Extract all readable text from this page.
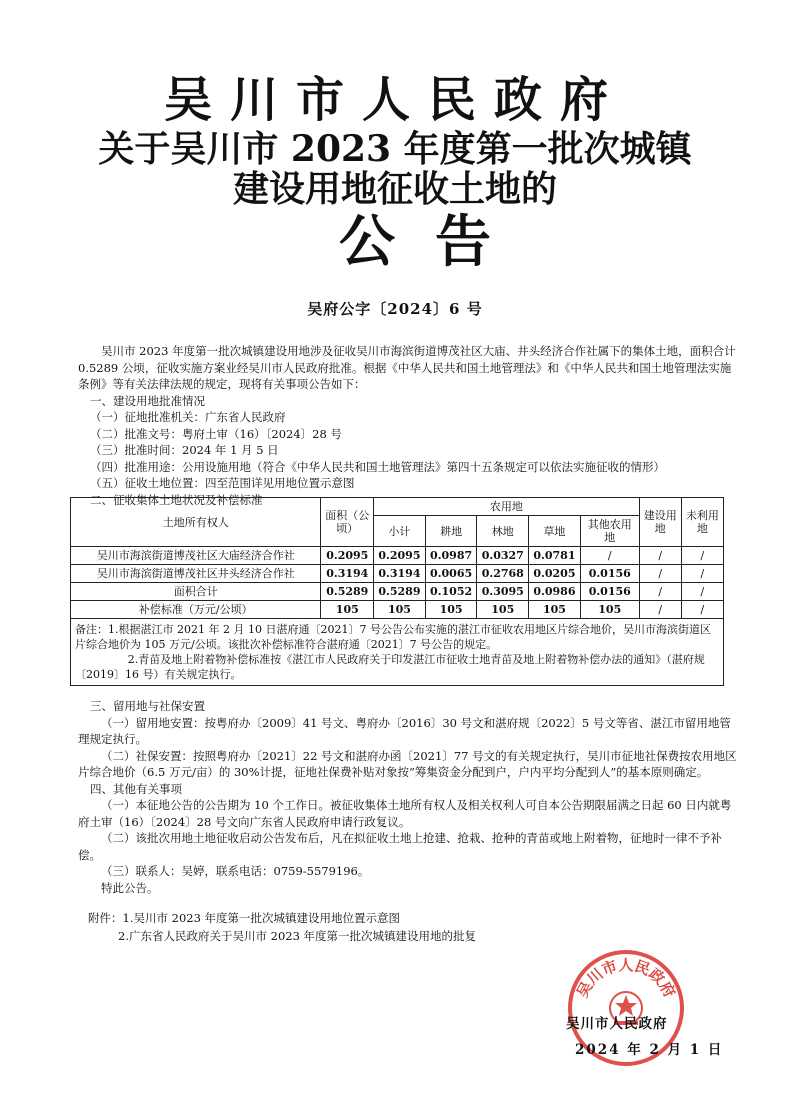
吴川市人民政府
关于吴川市 2023 年度第一批次城镇
建设用地征收土地的
公告
吴府公字〔2024〕6 号

吴川市 2023 年度第一批次城镇建设用地涉及征收吴川市海滨街道博茂社区大庙、井头经济合作社属下的集体土地，面积合计 0.5289 公顷，征收实施方案业经吴川市人民政府批准。根据《中华人民共和国土地管理法》和《中华人民共和国土地管理法实施条例》等有关法律法规的规定，现将有关事项公告如下：

一、建设用地批准情况

（一）征地批准机关：广东省人民政府

（二）批准文号：粤府土审（16）〔2024〕28 号

（三）批准时间：2024 年 1 月 5 日

（四）批准用途：公用设施用地（符合《中华人民共和国土地管理法》第四十五条规定可以依法实施征收的情形）

（五）征收土地位置：四至范围详见用地位置示意图

二、征收集体土地状况及补偿标准

土地所有权人	面积（公顷）	农用地					建设用地	未利用地
		小计	耕地	林地	草地	其他农用地		
吴川市海滨街道博茂社区大庙经济合作社	0.2095	0.2095	0.0987	0.0327	0.0781	/	/	/
吴川市海滨街道博茂社区井头经济合作社	0.3194	0.3194	0.0065	0.2768	0.0205	0.0156	/	/
面积合计	0.5289	0.5289	0.1052	0.3095	0.0986	0.0156	/	/
补偿标准（万元/公顷）	105	105	105	105	105	105	/	/

备注：1.根据湛江市 2021 年 2 月 10 日湛府通〔2021〕7 号公告公布实施的湛江市征收农用地区片综合地价，吴川市海滨街道区片综合地价为 105 万元/公顷。该批次补偿标准符合湛府通〔2021〕7 号公告的规定。

2.青苗及地上附着物补偿标准按《湛江市人民政府关于印发湛江市征收土地青苗及地上附着物补偿办法的通知》（湛府规〔2019〕16 号）有关规定执行。								

三、留用地与社保安置

（一）留用地安置：按粤府办〔2009〕41 号文、粤府办〔2016〕30 号文和湛府规〔2022〕5 号文等省、湛江市留用地管理规定执行。

（二）社保安置：按照粤府办〔2021〕22 号文和湛府办函〔2021〕77 号文的有关规定执行，吴川市征地社保费按农用地区片综合地价（6.5 万元/亩）的 30%计提，征地社保费补贴对象按“筹集资金分配到户，户内平均分配到人”的基本原则确定。

四、其他有关事项

（一）本征地公告的公告期为 10 个工作日。被征收集体土地所有权人及相关权利人可自本公告期限届满之日起 60 日内就粤府土审（16）〔2024〕28 号文向广东省人民政府申请行政复议。

（二）该批次用地土地征收启动公告发布后，凡在拟征收土地上抢建、抢栽、抢种的青苗或地上附着物，征地时一律不予补偿。

（三）联系人：吴婷，联系电话：0759-5579196。

特此公告。

附件：1.吴川市 2023 年度第一批次城镇建设用地位置示意图
2.广东省人民政府关于吴川市 2023 年度第一批次城镇建设用地的批复
吴川市人民政府
吴川市人民政府
2024 年 2 月 1 日
